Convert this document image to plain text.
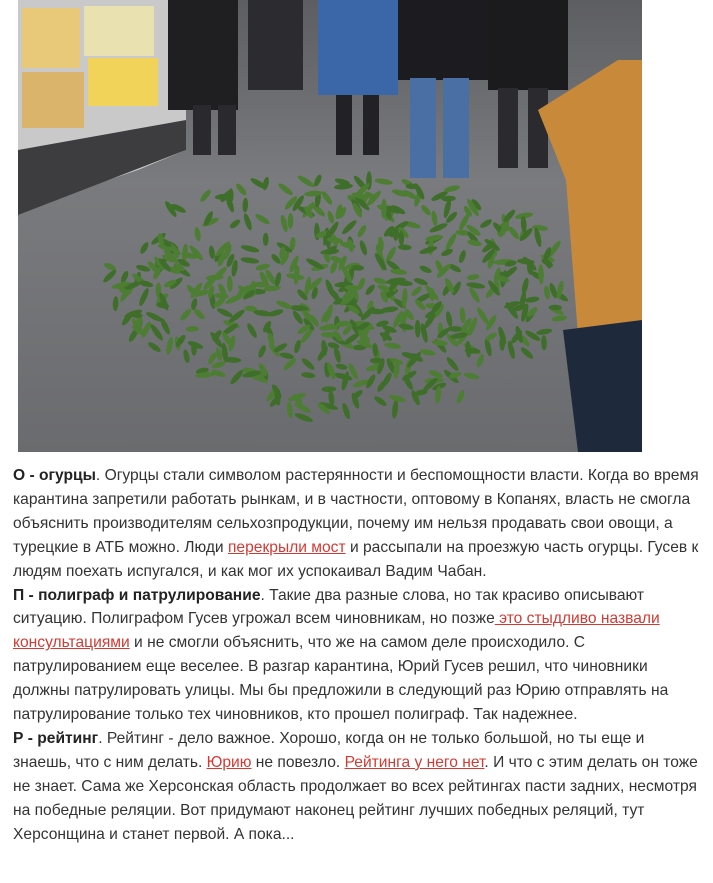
О - огурцы. Огурцы стали символом растерянности и беспомощности власти. Когда во время карантина запретили работать рынкам, и в частности, оптовому в Копанях, власть не смогла объяснить производителям сельхозпродукции, почему им нельзя продавать свои овощи, а турецкие в АТБ можно. Люди перекрыли мост и рассыпали на проезжую часть огурцы. Гусев к людям поехать испугался, и как мог их успокаивал Вадим Чабан.

П - полиграф и патрулирование. Такие два разные слова, но так красиво описывают ситуацию. Полиграфом Гусев угрожал всем чиновникам, но позже это стыдливо назвали консультациями и не смогли объяснить, что же на самом деле происходило. С патрулированием еще веселее. В разгар карантина, Юрий Гусев решил, что чиновники должны патрулировать улицы. Мы бы предложили в следующий раз Юрию отправлять на патрулирование только тех чиновников, кто прошел полиграф. Так надежнее.

Р - рейтинг. Рейтинг - дело важное. Хорошо, когда он не только большой, но ты еще и знаешь, что с ним делать. Юрию не повезло. Рейтинга у него нет. И что с этим делать он тоже не знает. Сама же Херсонская область продолжает во всех рейтингах пасти задних, несмотря на победные реляции. Вот придумают наконец рейтинг лучших победных реляций, тут Херсонщина и станет первой. А пока...
